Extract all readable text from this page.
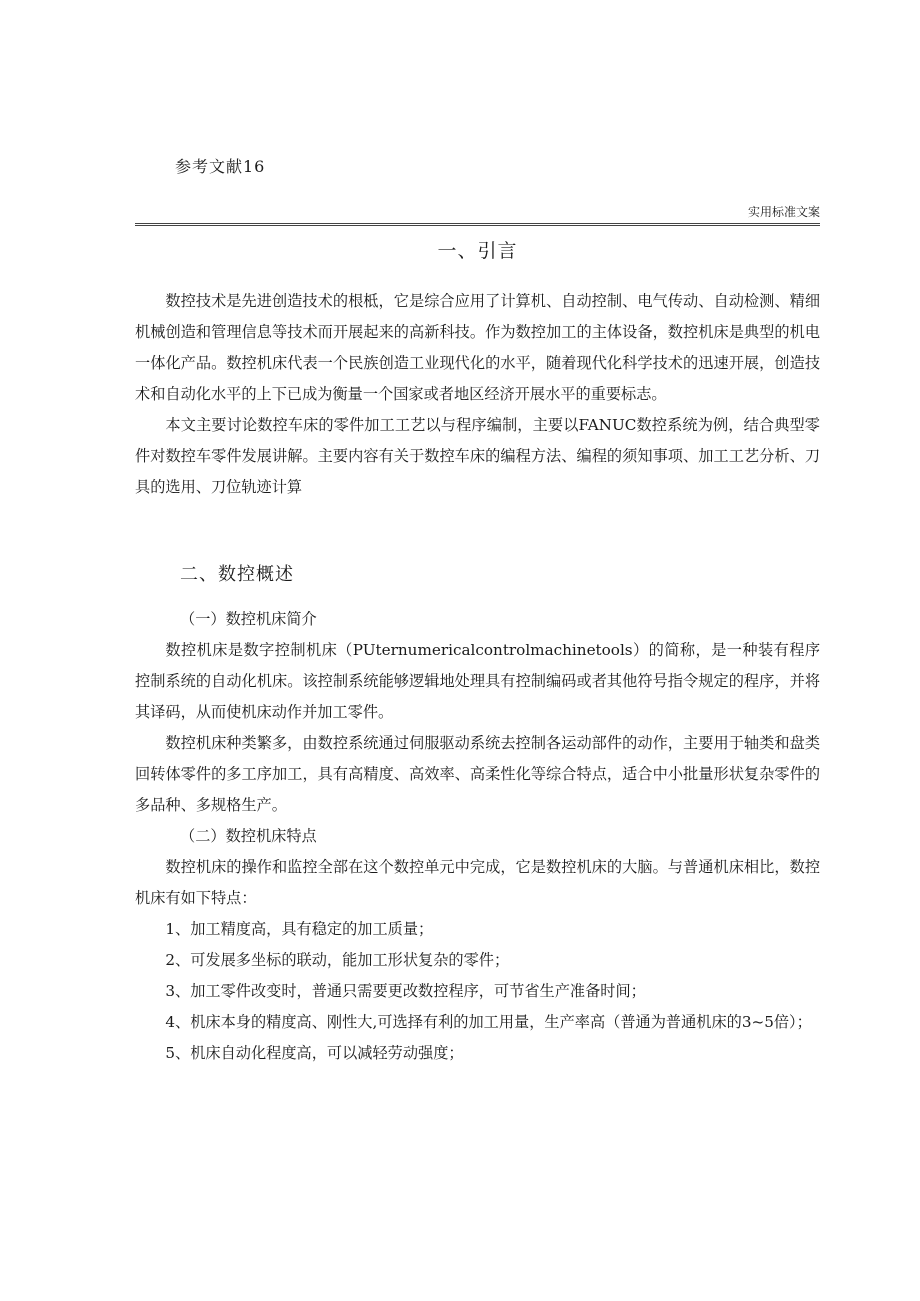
参考文献16
实用标准文案
一、引言

数控技术是先进创造技术的根柢，它是综合应用了计算机、自动控制、电气传动、自动检测、精细机械创造和管理信息等技术而开展起来的高新科技。作为数控加工的主体设备，数控机床是典型的机电一体化产品。数控机床代表一个民族创造工业现代化的水平，随着现代化科学技术的迅速开展，创造技术和自动化水平的上下已成为衡量一个国家或者地区经济开展水平的重要标志。

本文主要讨论数控车床的零件加工工艺以与程序编制，主要以FANUC数控系统为例，结合典型零件对数控车零件发展讲解。主要内容有关于数控车床的编程方法、编程的须知事项、加工工艺分析、刀具的选用、刀位轨迹计算

二、数控概述

（一）数控机床简介

数控机床是数字控制机床（PUternumericalcontrolmachinetools）的简称，是一种装有程序控制系统的自动化机床。该控制系统能够逻辑地处理具有控制编码或者其他符号指令规定的程序，并将其译码，从而使机床动作并加工零件。

数控机床种类繁多，由数控系统通过伺服驱动系统去控制各运动部件的动作，主要用于轴类和盘类回转体零件的多工序加工，具有高精度、高效率、高柔性化等综合特点，适合中小批量形状复杂零件的多品种、多规格生产。

（二）数控机床特点

数控机床的操作和监控全部在这个数控单元中完成，它是数控机床的大脑。与普通机床相比，数控机床有如下特点：

1、加工精度高，具有稳定的加工质量；

2、可发展多坐标的联动，能加工形状复杂的零件；

3、加工零件改变时，普通只需要更改数控程序，可节省生产准备时间；

4、机床本身的精度高、刚性大,可选择有利的加工用量，生产率高（普通为普通机床的3~5倍）；

5、机床自动化程度高，可以减轻劳动强度；
